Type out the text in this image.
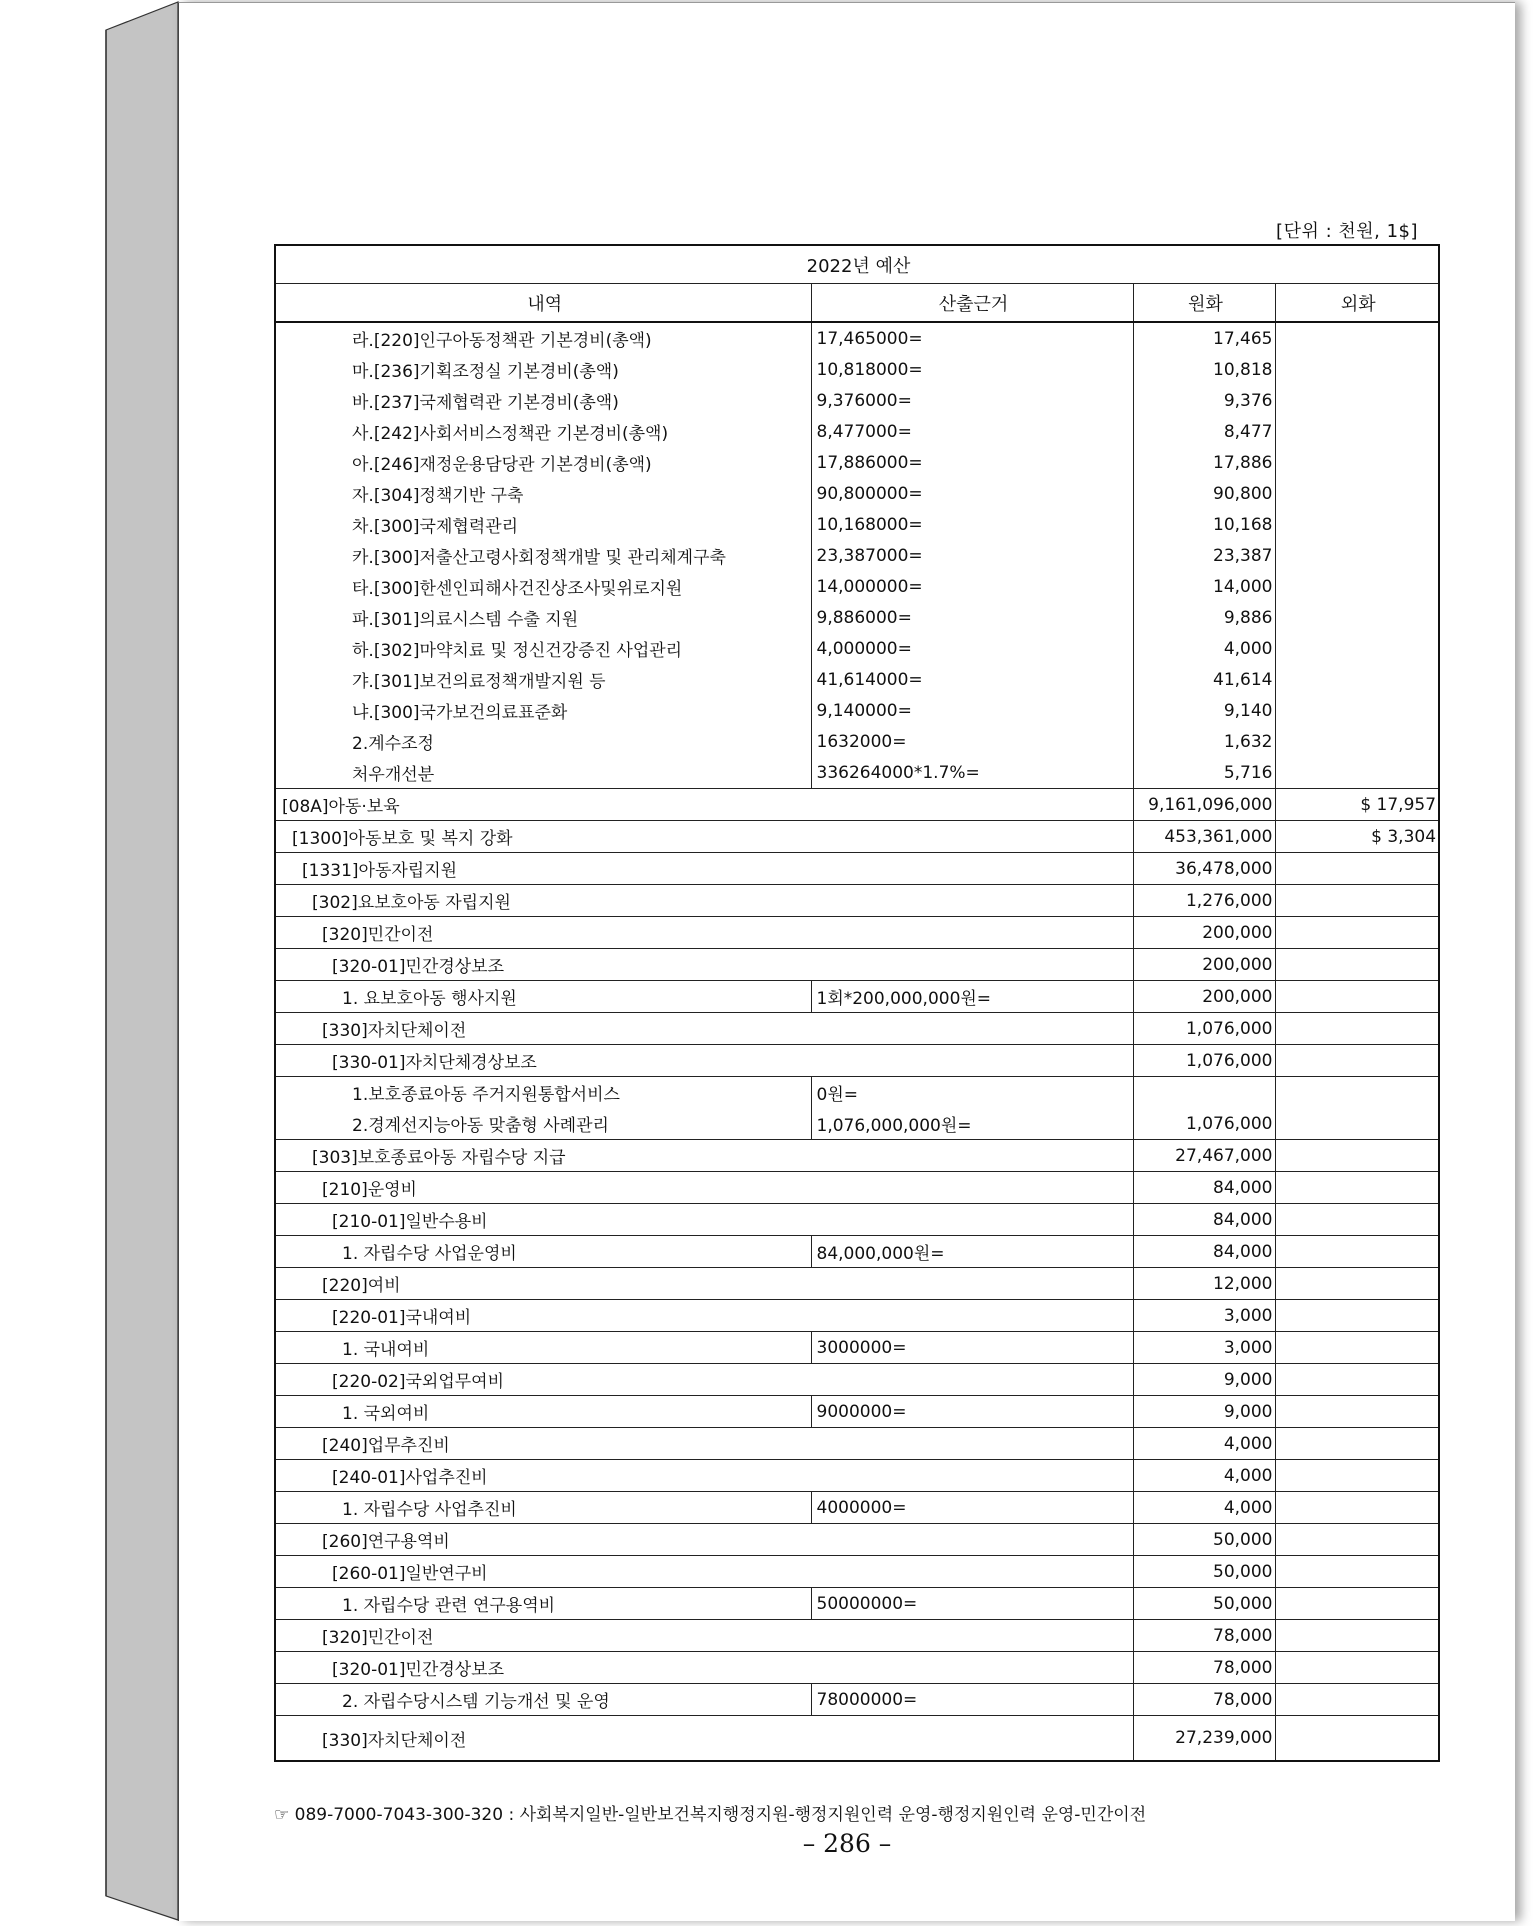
[단위 : 천원, 1$]
2022년 예산			
내역	산출근거	원화	외화
라.[220]인구아동정책관 기본경비(총액)	17,465000=	17,465	
마.[236]기획조정실 기본경비(총액)	10,818000=	10,818	
바.[237]국제협력관 기본경비(총액)	9,376000=	9,376	
사.[242]사회서비스정책관 기본경비(총액)	8,477000=	8,477	
아.[246]재정운용담당관 기본경비(총액)	17,886000=	17,886	
자.[304]정책기반 구축	90,800000=	90,800	
차.[300]국제협력관리	10,168000=	10,168	
카.[300]저출산고령사회정책개발 및 관리체계구축	23,387000=	23,387	
타.[300]한센인피해사건진상조사및위로지원	14,000000=	14,000	
파.[301]의료시스템 수출 지원	9,886000=	9,886	
하.[302]마약치료 및 정신건강증진 사업관리	4,000000=	4,000	
갸.[301]보건의료정책개발지원 등	41,614000=	41,614	
냐.[300]국가보건의료표준화	9,140000=	9,140	
2.계수조정	1632000=	1,632	
처우개선분	336264000*1.7%=	5,716	
[08A]아동·보육		9,161,096,000	$ 17,957
[1300]아동보호 및 복지 강화		453,361,000	$ 3,304
[1331]아동자립지원		36,478,000	
[302]요보호아동 자립지원		1,276,000	
[320]민간이전		200,000	
[320-01]민간경상보조		200,000	
1. 요보호아동 행사지원	1회*200,000,000원=	200,000	
[330]자치단체이전		1,076,000	
[330-01]자치단체경상보조		1,076,000	
1.보호종료아동 주거지원통합서비스	0원=		
2.경계선지능아동 맞춤형 사례관리	1,076,000,000원=	1,076,000	
[303]보호종료아동 자립수당 지급		27,467,000	
[210]운영비		84,000	
[210-01]일반수용비		84,000	
1. 자립수당 사업운영비	84,000,000원=	84,000	
[220]여비		12,000	
[220-01]국내여비		3,000	
1. 국내여비	3000000=	3,000	
[220-02]국외업무여비		9,000	
1. 국외여비	9000000=	9,000	
[240]업무추진비		4,000	
[240-01]사업추진비		4,000	
1. 자립수당 사업추진비	4000000=	4,000	
[260]연구용역비		50,000	
[260-01]일반연구비		50,000	
1. 자립수당 관련 연구용역비	50000000=	50,000	
[320]민간이전		78,000	
[320-01]민간경상보조		78,000	
2. 자립수당시스템 기능개선 및 운영	78000000=	78,000	
[330]자치단체이전		27,239,000	
☞ 089-7000-7043-300-320 : 사회복지일반-일반보건복지행정지원-행정지원인력 운영-행정지원인력 운영-민간이전
– 286 –
